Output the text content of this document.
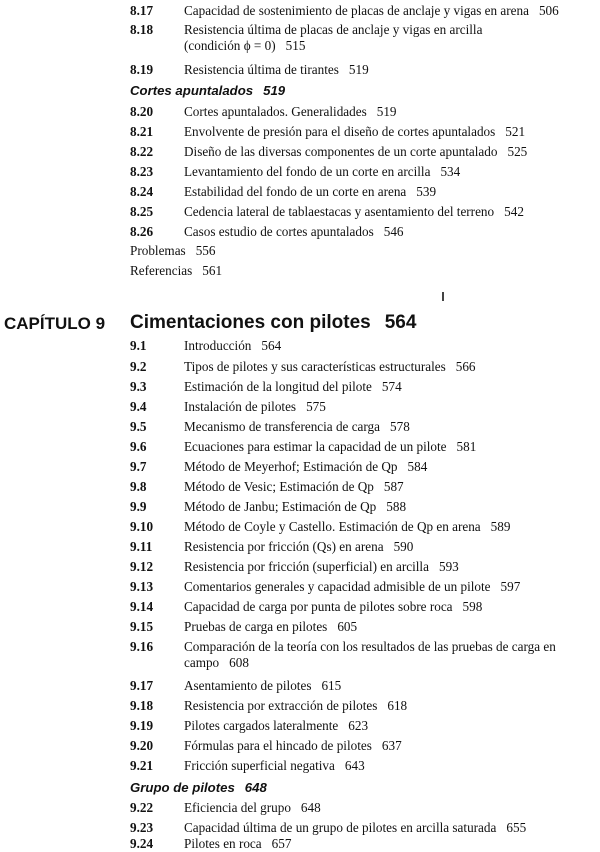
8.17 Capacidad de sostenimiento de placas de anclaje y vigas en arena 506
8.18 Resistencia última de placas de anclaje y vigas en arcilla
(condición ϕ = 0) 515
8.19 Resistencia última de tirantes 519
Cortes apuntalados 519
8.20 Cortes apuntalados. Generalidades 519
8.21 Envolvente de presión para el diseño de cortes apuntalados 521
8.22 Diseño de las diversas componentes de un corte apuntalado 525
8.23 Levantamiento del fondo de un corte en arcilla 534
8.24 Estabilidad del fondo de un corte en arena 539
8.25 Cedencia lateral de tablaestacas y asentamiento del terreno 542
8.26 Casos estudio de cortes apuntalados 546
Problemas 556
Referencias 561
CAPÍTULO 9 Cimentaciones con pilotes 564
9.1	Introducción 564
9.2	Tipos de pilotes y sus características estructurales 566
9.3	Estimación de la longitud del pilote 574
9.4	Instalación de pilotes 575
9.5	Mecanismo de transferencia de carga 578
9.6	Ecuaciones para estimar la capacidad de un pilote 581
9.7	Método de Meyerhof; Estimación de Qp 584
9.8	Método de Vesic; Estimación de Qp 587
9.9	Método de Janbu; Estimación de Qp 588
9.10 Método de Coyle y Castello. Estimación de Qp en arena 589
9.11 Resistencia por fricción (Qs) en arena 590
9.12 Resistencia por fricción (superficial) en arcilla 593
9.13 Comentarios generales y capacidad admisible de un pilote 597
9.14 Capacidad de carga por punta de pilotes sobre roca 598
9.15 Pruebas de carga en pilotes 605
9.16 Comparación de la teoría con los resultados de las pruebas de carga en
campo 608
9.17 Asentamiento de pilotes 615
9.18 Resistencia por extracción de pilotes 618
9.19 Pilotes cargados lateralmente 623
9.20 Fórmulas para el hincado de pilotes 637
9.21 Fricción superficial negativa 643
Grupo de pilotes 648
9.22 Eficiencia del grupo 648
9.23 Capacidad última de un grupo de pilotes en arcilla saturada 655
9.24 Pilotes en roca 657
